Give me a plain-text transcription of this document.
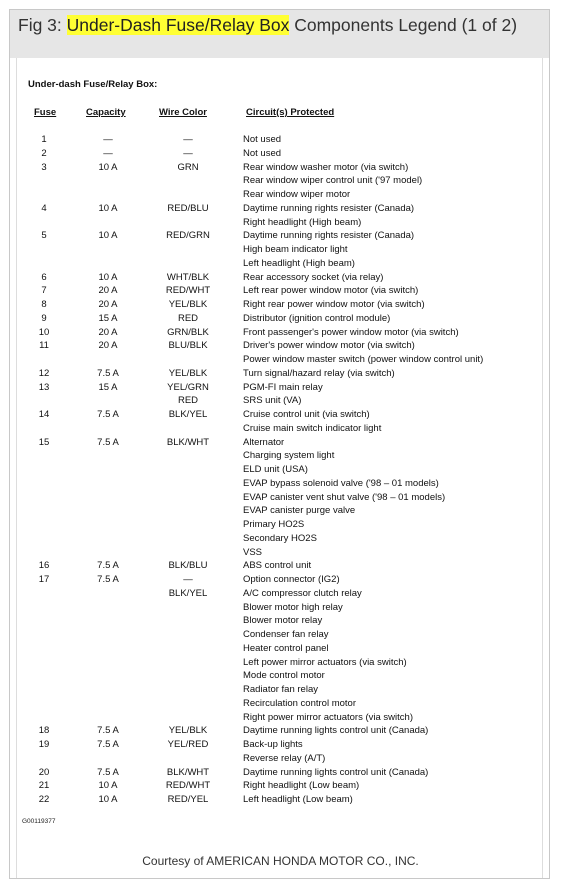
Fig 3: Under-Dash Fuse/Relay Box Components Legend (1 of 2)
Under-dash Fuse/Relay Box:
Fuse	Capacity	Wire Color	Circuit(s) Protected
1	—	—	Not used
2	—	—	Not used
3	10 A	GRN	Rear window washer motor (via switch)
Rear window wiper control unit ('97 model)
Rear window wiper motor
4	10 A	RED/BLU	Daytime running rights resister (Canada)
Right headlight (High beam)
5	10 A	RED/GRN	Daytime running rights resister (Canada)
High beam indicator light
Left headlight (High beam)
6	10 A	WHT/BLK	Rear accessory socket (via relay)
7	20 A	RED/WHT	Left rear power window motor (via switch)
8	20 A	YEL/BLK	Right rear power window motor (via switch)
9	15 A	RED	Distributor (ignition control module)
10	20 A	GRN/BLK	Front passenger's power window motor (via switch)
11	20 A	BLU/BLK	Driver's power window motor (via switch)
Power window master switch (power window control unit)
12	7.5 A	YEL/BLK	Turn signal/hazard relay (via switch)
13	15 A	YEL/GRN	PGM-FI main relay
RED	SRS unit (VA)
14	7.5 A	BLK/YEL	Cruise control unit (via switch)
Cruise main switch indicator light
15	7.5 A	BLK/WHT	Alternator
Charging system light
ELD unit (USA)
EVAP bypass solenoid valve ('98 – 01 models)
EVAP canister vent shut valve ('98 – 01 models)
EVAP canister purge valve
Primary HO2S
Secondary HO2S
VSS
16	7.5 A	BLK/BLU	ABS control unit
17	7.5 A	—	Option connector (IG2)
BLK/YEL	A/C compressor clutch relay
Blower motor high relay
Blower motor relay
Condenser fan relay
Heater control panel
Left power mirror actuators (via switch)
Mode control motor
Radiator fan relay
Recirculation control motor
Right power mirror actuators (via switch)
18	7.5 A	YEL/BLK	Daytime running lights control unit (Canada)
19	7.5 A	YEL/RED	Back-up lights
Reverse relay (A/T)
20	7.5 A	BLK/WHT	Daytime running lights control unit (Canada)
21	10 A	RED/WHT	Right headlight (Low beam)
22	10 A	RED/YEL	Left headlight (Low beam)
G00119377
Courtesy of AMERICAN HONDA MOTOR CO., INC.
